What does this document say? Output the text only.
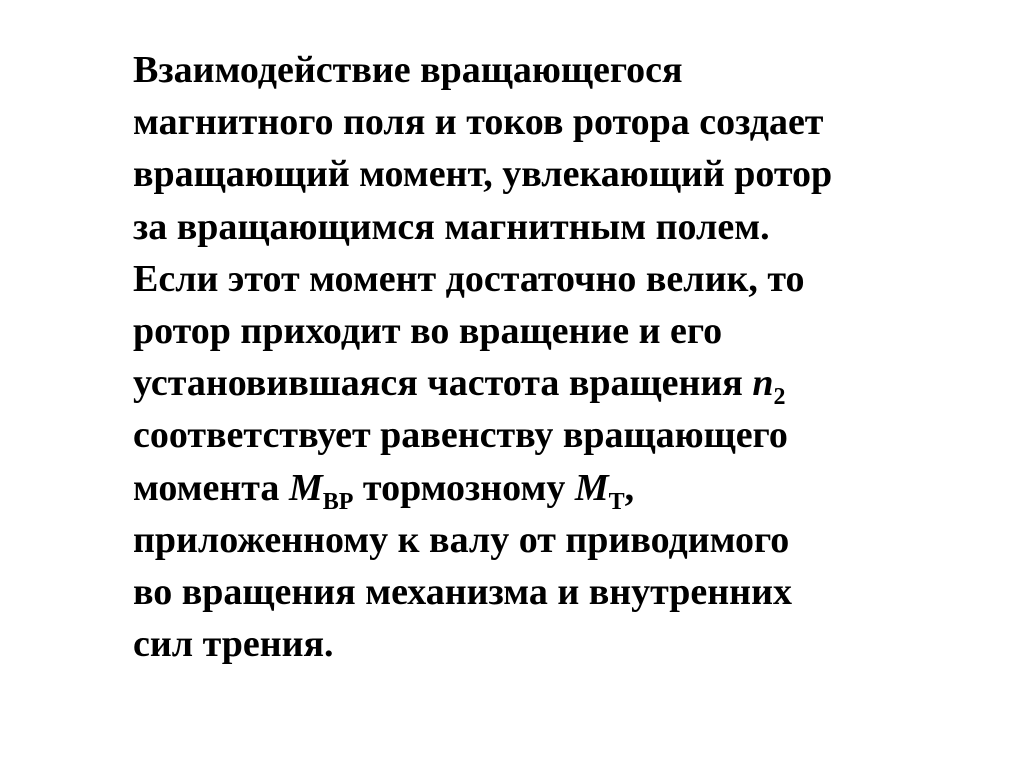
Взаимодействие вращающегося
магнитного поля и токов ротора создает
вращающий момент, увлекающий ротор
за вращающимся магнитным полем.
Если этот момент достаточно велик, то
ротор приходит во вращение и его
установившаяся частота вращения $n_2$
соответствует равенству вращающего
момента $M_{ВР}$ тормозному $M_Т$,
приложенному к валу от приводимого
во вращения механизма и внутренних
сил трения.
